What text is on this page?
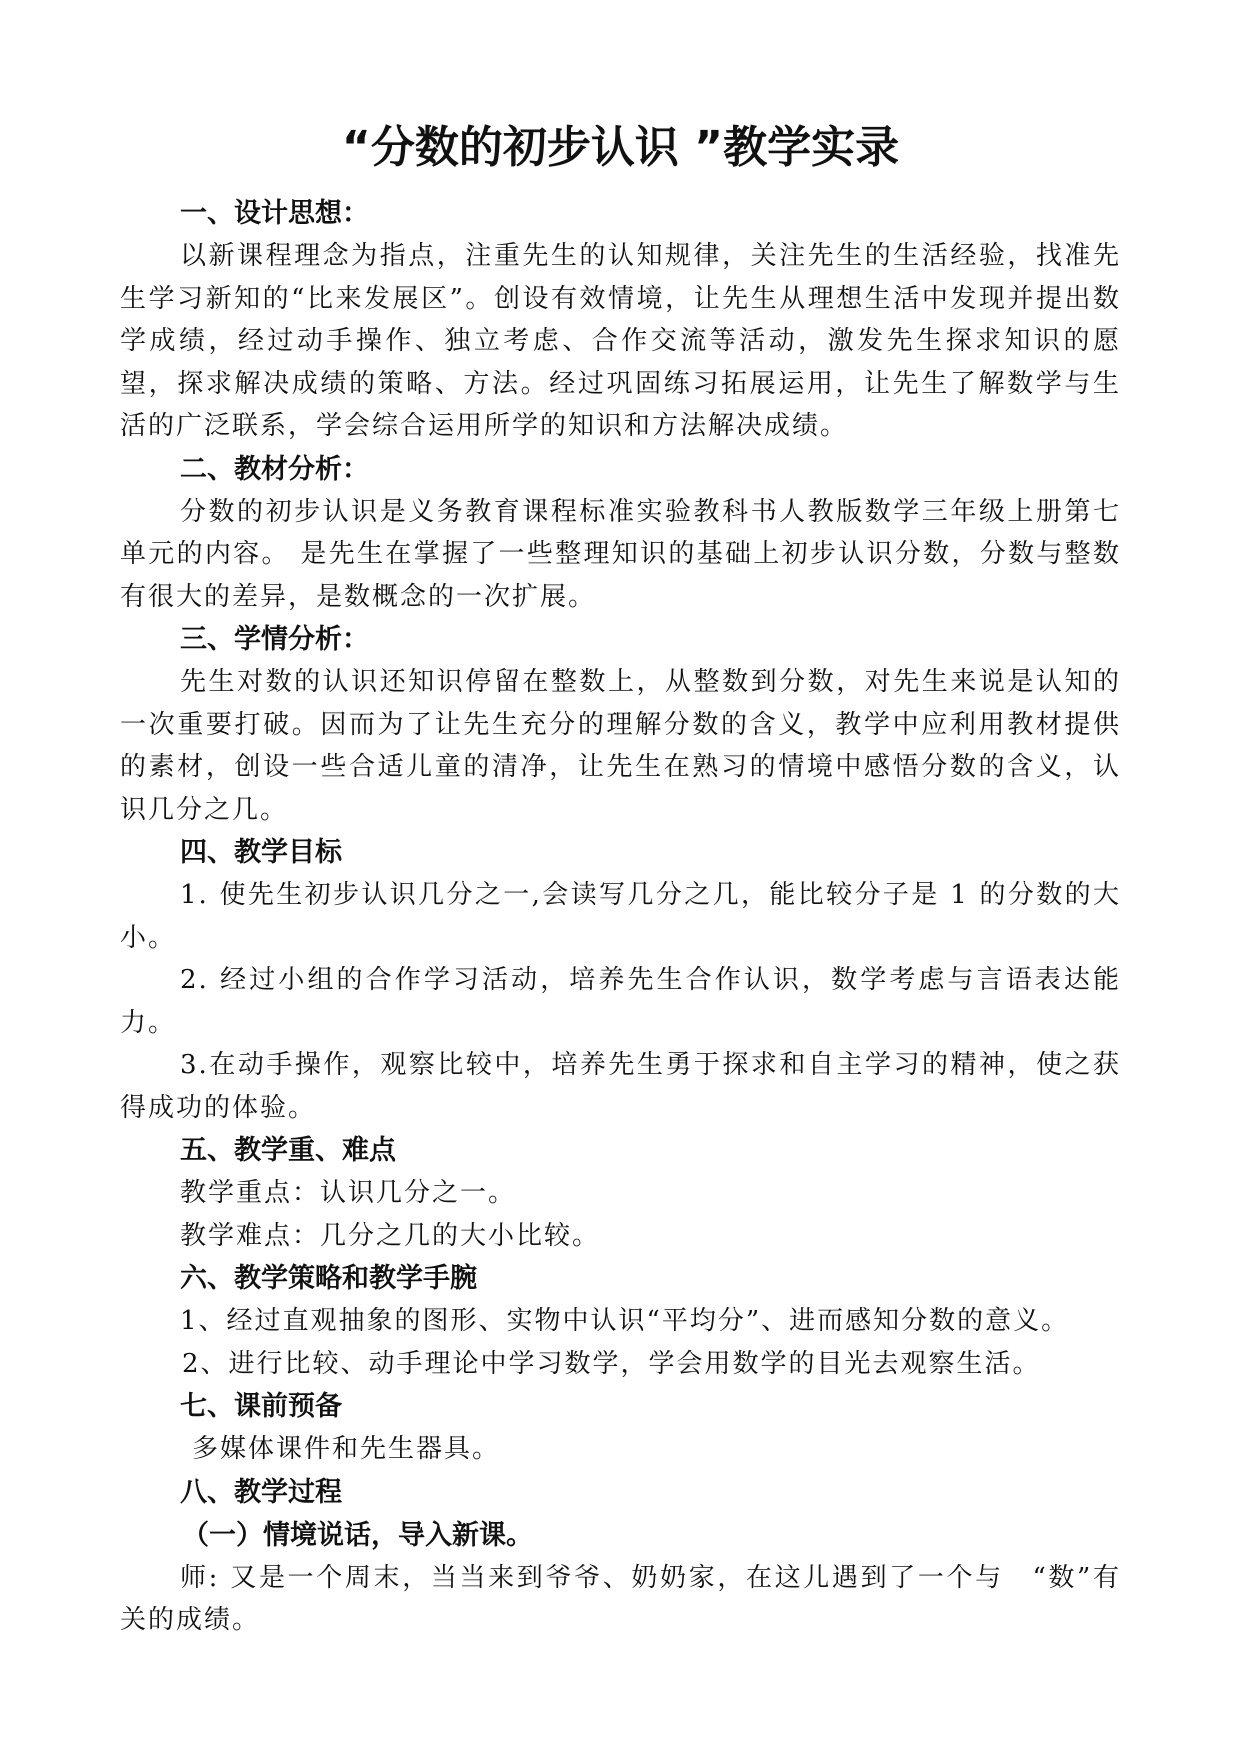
“分数的初步认识 ”教学实录
一、设计思想：

以新课程理念为指点，注重先生的认知规律，关注先生的生活经验，找准先生学习新知的“比来发展区”。创设有效情境，让先生从理想生活中发现并提出数学成绩，经过动手操作、独立考虑、合作交流等活动，激发先生探求知识的愿望，探求解决成绩的策略、方法。经过巩固练习拓展运用，让先生了解数学与生活的广泛联系，学会综合运用所学的知识和方法解决成绩。

二、教材分析：

分数的初步认识是义务教育课程标准实验教科书人教版数学三年级上册第七单元的内容。 是先生在掌握了一些整理知识的基础上初步认识分数，分数与整数有很大的差异，是数概念的一次扩展。

三、学情分析：

先生对数的认识还知识停留在整数上，从整数到分数，对先生来说是认知的一次重要打破。因而为了让先生充分的理解分数的含义，教学中应利用教材提供的素材，创设一些合适儿童的清净，让先生在熟习的情境中感悟分数的含义，认识几分之几。

四、教学目标

1. 使先生初步认识几分之一,会读写几分之几，能比较分子是 1 的分数的大小。

2. 经过小组的合作学习活动，培养先生合作认识，数学考虑与言语表达能力。

3.在动手操作，观察比较中，培养先生勇于探求和自主学习的精神，使之获得成功的体验。

五、教学重、难点
教学重点：认识几分之一。
教学难点：几分之几的大小比较。
六、教学策略和教学手腕
1、经过直观抽象的图形、实物中认识“平均分”、进而感知分数的意义。
2、进行比较、动手理论中学习数学，学会用数学的目光去观察生活。
七、课前预备
多媒体课件和先生器具。
八、教学过程
（一）情境说话，导入新课。

师: 又是一个周末，当当来到爷爷、奶奶家，在这儿遇到了一个与　“数”有关的成绩。
